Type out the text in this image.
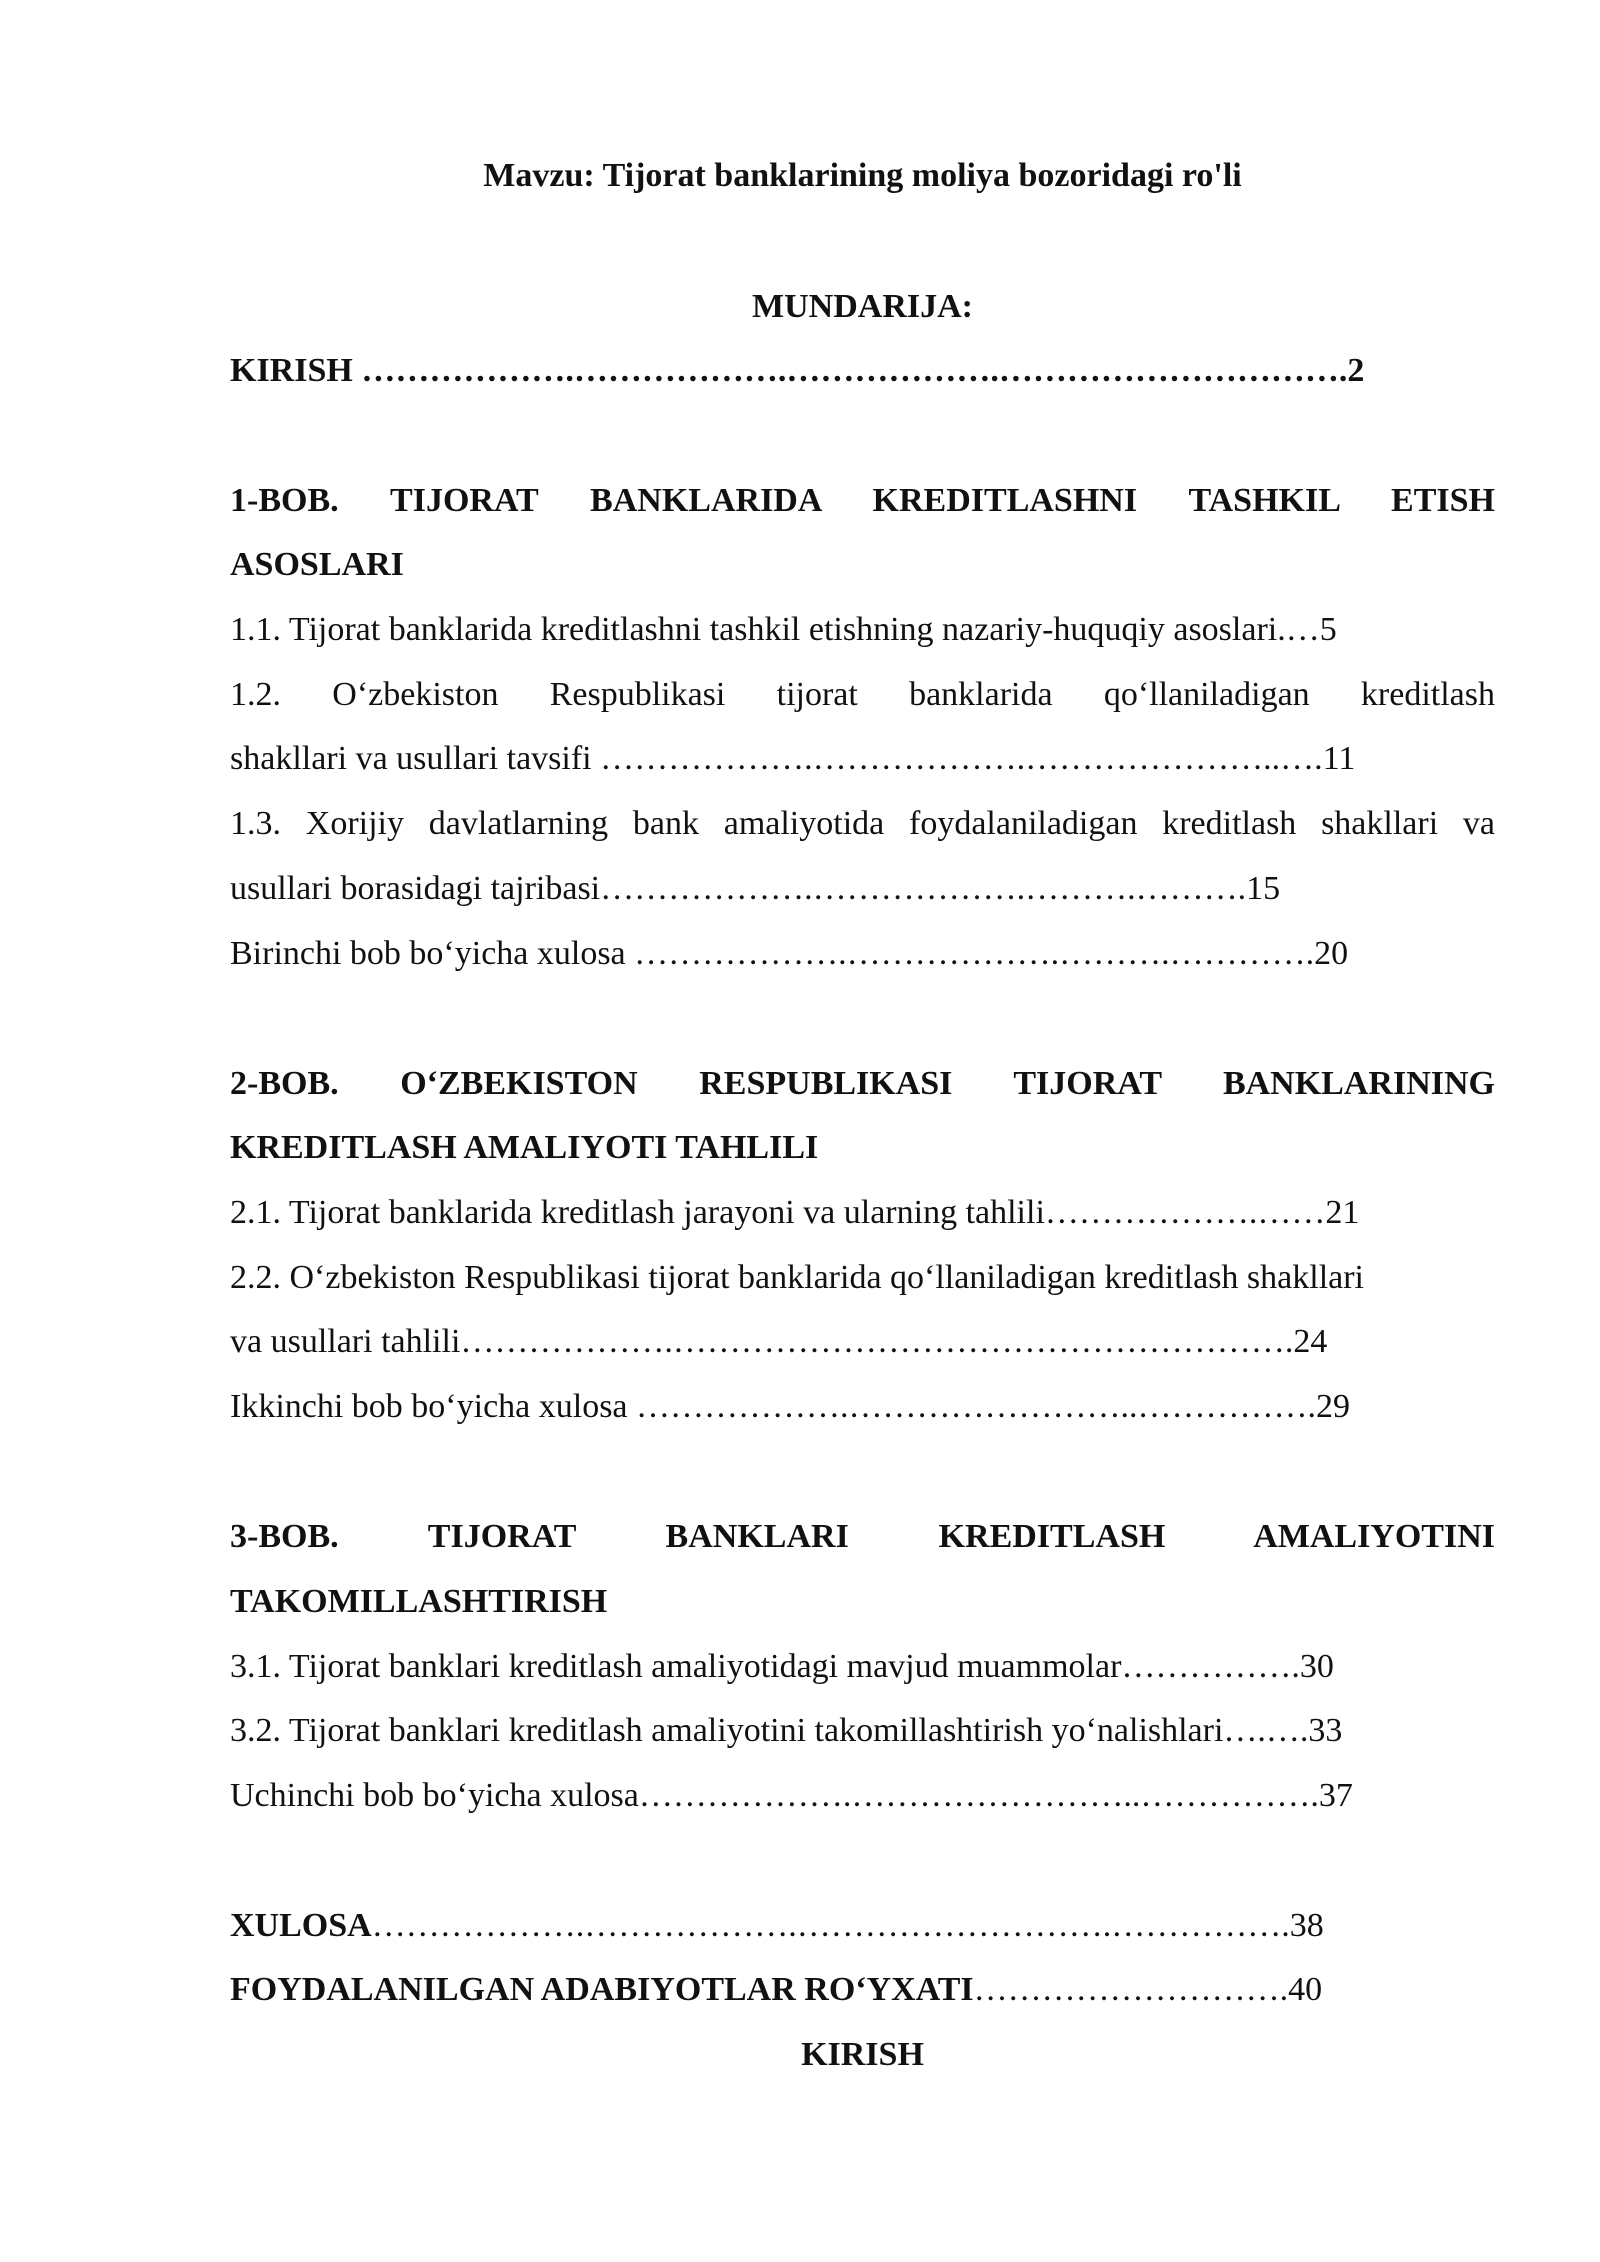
Mavzu: Tijorat banklarining moliya bozoridagi ro'li
MUNDARIJA:
KIRISH ……………….……………….……………….………………………….2
1-BOB. TIJORAT BANKLARIDA KREDITLASHNI TASHKIL ETISH
ASOSLARI
1.1. Tijorat banklarida kreditlashni tashkil etishning nazariy-huquqiy asoslari.…5
1.2. O‘zbekiston Respublikasi tijorat banklarida qo‘llaniladigan kreditlash
shakllari va usullari tavsifi ……………….……………….…………………..….11
1.3. Xorijiy davlatlarning bank amaliyotida foydalaniladigan kreditlash shakllari va
usullari borasidagi tajribasi……………….……………….……….……….15
Birinchi bob bo‘yicha xulosa ……………….……………….……….………….20
2-BOB. O‘ZBEKISTON RESPUBLIKASI TIJORAT BANKLARINING
KREDITLASH AMALIYOTI TAHLILI
2.1. Tijorat banklarida kreditlash jarayoni va ularning tahlili……………….……21
2.2. O‘zbekiston Respublikasi tijorat banklarida qo‘llaniladigan kreditlash shakllari
va usullari tahlili……………….……………………………………………….24
Ikkinchi bob bo‘yicha xulosa ……………….……………………..…………….29
3-BOB. TIJORAT BANKLARI KREDITLASH AMALIYOTINI
TAKOMILLASHTIRISH
3.1. Tijorat banklari kreditlash amaliyotidagi mavjud muammolar…………….30
3.2. Tijorat banklari kreditlash amaliyotini takomillashtirish yo‘nalishlari….….33
Uchinchi bob bo‘yicha xulosa……………….……………………..…………….37
XULOSA……………….……………….……………………….…………….38
FOYDALANILGAN ADABIYOTLAR RO‘YXATI……………………….40
KIRISH
